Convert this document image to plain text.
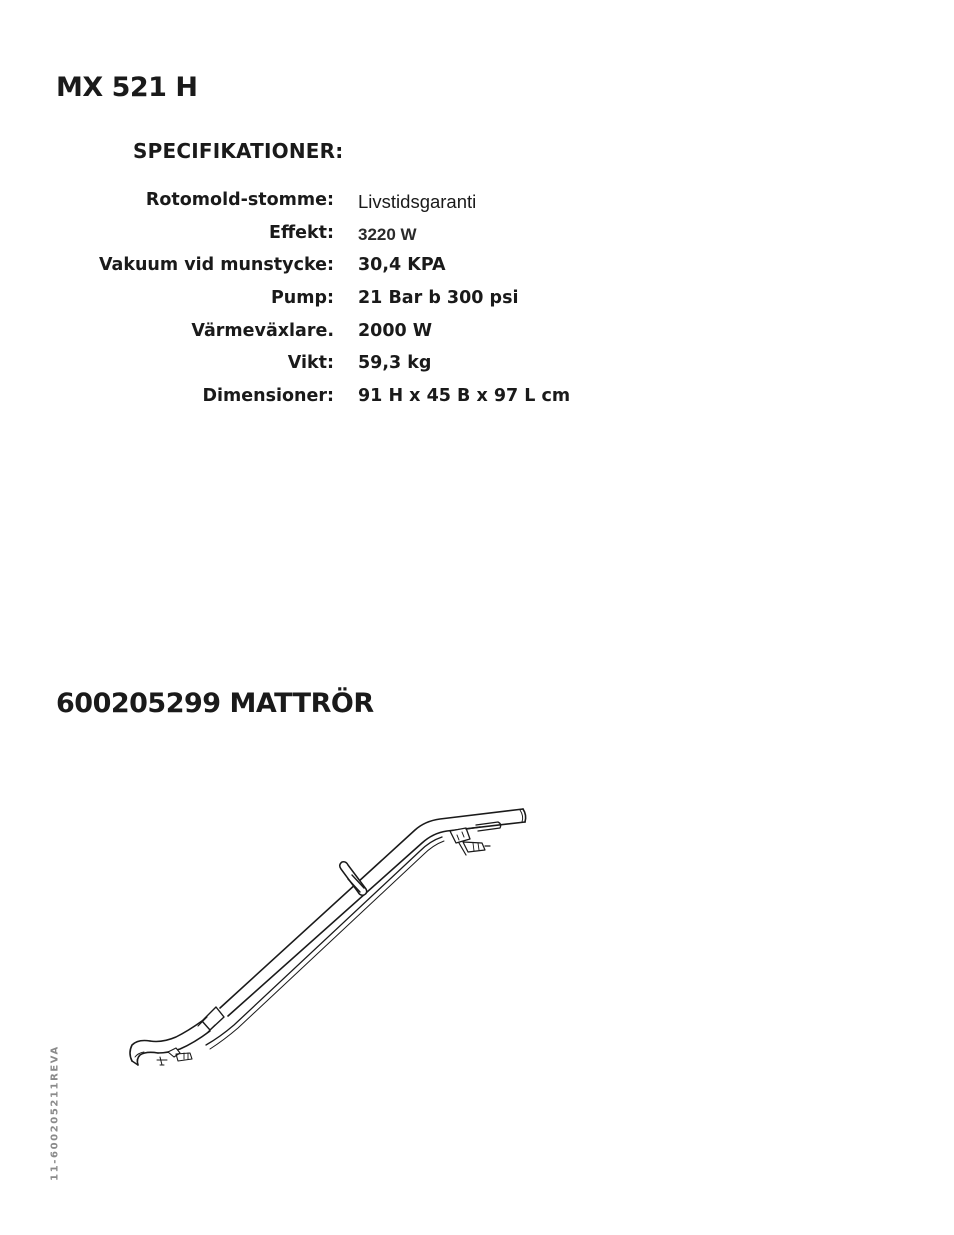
MX 521 H
SPECIFIKATIONER:
Rotomold-stomme: Livstidsgaranti
Effekt: 3220 W
Vakuum vid munstycke: 30,4 KPA
Pump: 21 Bar b 300 psi
Värmeväxlare. 2000 W
Vikt: 59,3 kg
Dimensioner: 91 H x 45 B x 97 L cm
600205299 MATTRÖR
11-600205211REVA
